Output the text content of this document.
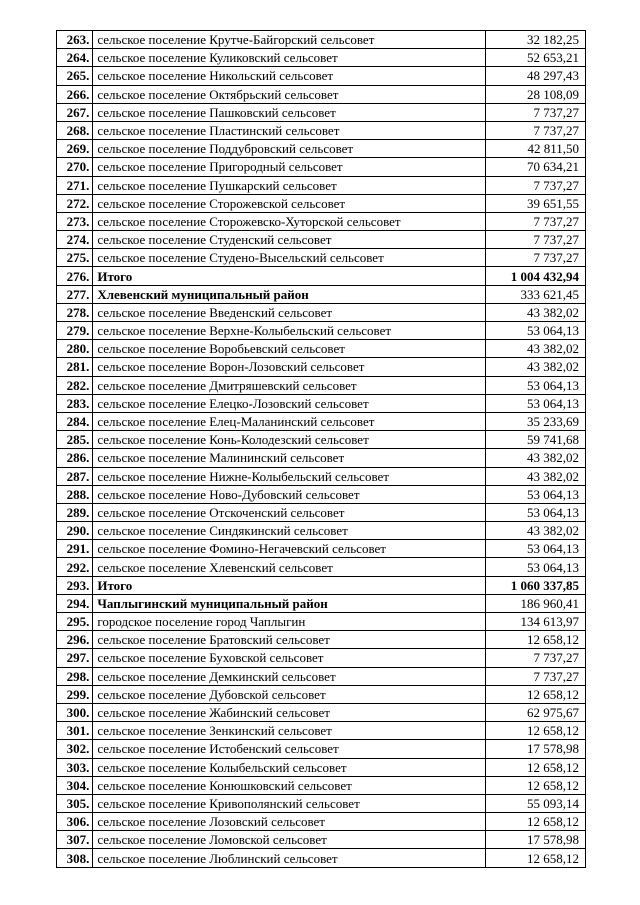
263.	сельское поселение Крутче-Байгорский сельсовет	32 182,25
264.	сельское поселение Куликовский сельсовет	52 653,21
265.	сельское поселение Никольский сельсовет	48 297,43
266.	сельское поселение Октябрьский сельсовет	28 108,09
267.	сельское поселение Пашковский сельсовет	7 737,27
268.	сельское поселение Пластинский сельсовет	7 737,27
269.	сельское поселение Поддубровский сельсовет	42 811,50
270.	сельское поселение Пригородный сельсовет	70 634,21
271.	сельское поселение Пушкарский сельсовет	7 737,27
272.	сельское поселение Сторожевской сельсовет	39 651,55
273.	сельское поселение Сторожевско-Хуторской сельсовет	7 737,27
274.	сельское поселение Студенский сельсовет	7 737,27
275.	сельское поселение Студено-Высельский сельсовет	7 737,27
276.	Итого	1 004 432,94
277.	Хлевенский муниципальный район	333 621,45
278.	сельское поселение Введенский сельсовет	43 382,02
279.	сельское поселение Верхне-Колыбельский сельсовет	53 064,13
280.	сельское поселение Воробьевский сельсовет	43 382,02
281.	сельское поселение Ворон-Лозовский сельсовет	43 382,02
282.	сельское поселение Дмитряшевский сельсовет	53 064,13
283.	сельское поселение Елецко-Лозовский сельсовет	53 064,13
284.	сельское поселение Елец-Маланинский сельсовет	35 233,69
285.	сельское поселение Конь-Колодезский сельсовет	59 741,68
286.	сельское поселение Малининский сельсовет	43 382,02
287.	сельское поселение Нижне-Колыбельский сельсовет	43 382,02
288.	сельское поселение Ново-Дубовский сельсовет	53 064,13
289.	сельское поселение Отскоченский сельсовет	53 064,13
290.	сельское поселение Синдякинский сельсовет	43 382,02
291.	сельское поселение Фомино-Негачевский сельсовет	53 064,13
292.	сельское поселение Хлевенский сельсовет	53 064,13
293.	Итого	1 060 337,85
294.	Чаплыгинский муниципальный район	186 960,41
295.	городское поселение город Чаплыгин	134 613,97
296.	сельское поселение Братовский сельсовет	12 658,12
297.	сельское поселение Буховской сельсовет	7 737,27
298.	сельское поселение Демкинский сельсовет	7 737,27
299.	сельское поселение Дубовской сельсовет	12 658,12
300.	сельское поселение Жабинский сельсовет	62 975,67
301.	сельское поселение Зенкинский сельсовет	12 658,12
302.	сельское поселение Истобенский сельсовет	17 578,98
303.	сельское поселение Колыбельский сельсовет	12 658,12
304.	сельское поселение Конюшковский сельсовет	12 658,12
305.	сельское поселение Кривополянский сельсовет	55 093,14
306.	сельское поселение Лозовский сельсовет	12 658,12
307.	сельское поселение Ломовской сельсовет	17 578,98
308.	сельское поселение Люблинский сельсовет	12 658,12
